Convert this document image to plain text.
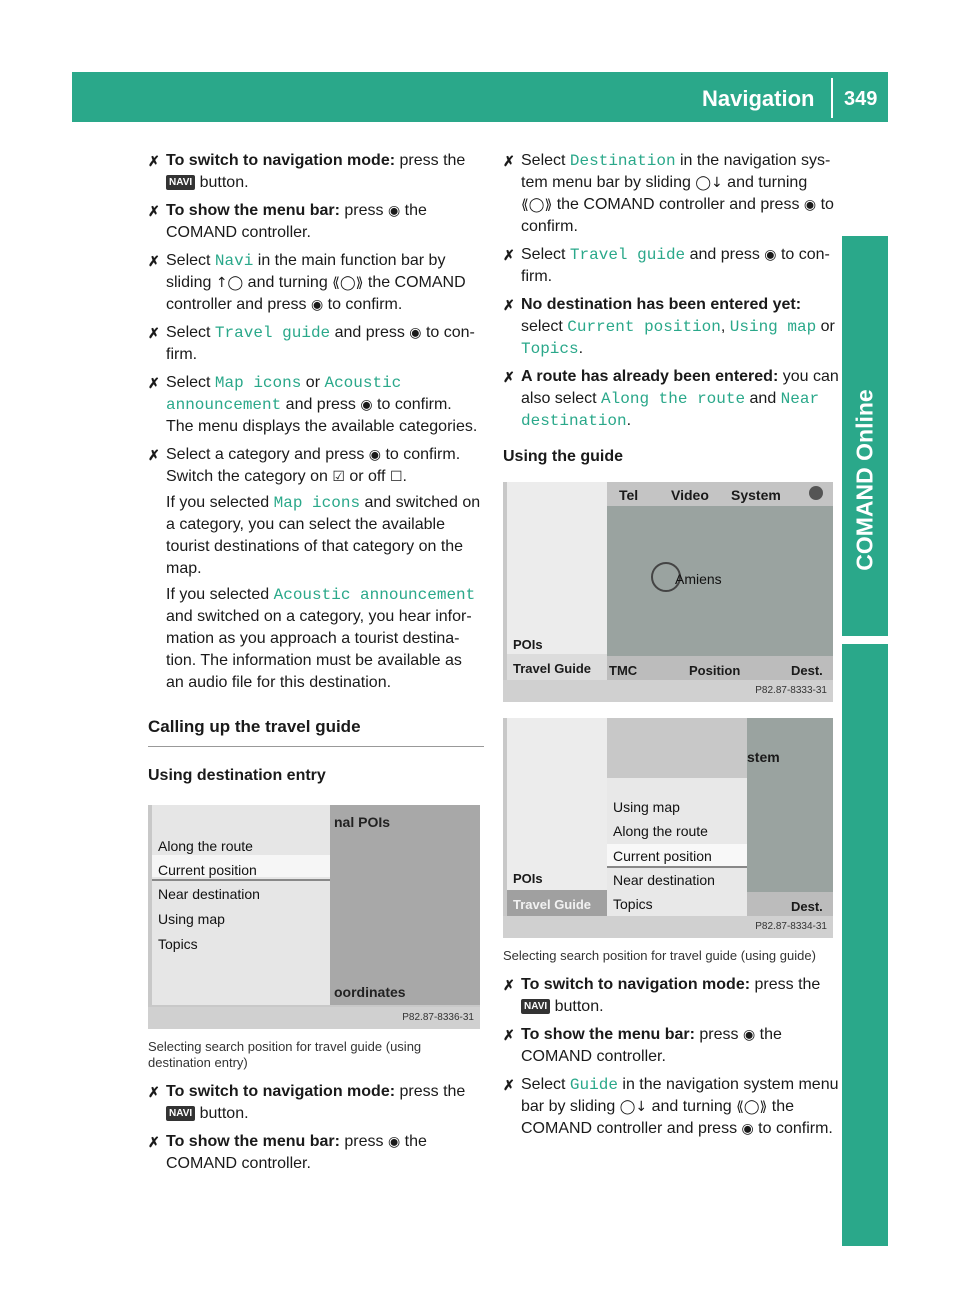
Navigation 349
COMAND Online
✗ To switch to navigation mode: press the
NAVI button.
✗ To show the menu bar: press ◉ the COMAND controller.
✗ Select Navi in the main function bar by sliding ↑◯ and turning ⟪◯⟫ the COMAND controller and press ◉ to confirm.
✗ Select Travel guide and press ◉ to con-firm.
✗ Select Map icons or Acoustic announcement and press ◉ to confirm.
The menu displays the available categories.
✗ Select a category and press ◉ to confirm.
Switch the category on ☑ or off ☐.
If you selected Map icons and switched on a category, you can select the available tourist destinations of that category on the map.
If you selected Acoustic announcement and switched on a category, you hear infor-mation as you approach a tourist destina-tion. The information must be available as an audio file for this destination.
Calling up the travel guide
Using destination entry
nal POIs
oordinates
Along the route
Current position
Near destination
Using map
Topics
P82.87-8336-31
Selecting search position for travel guide (using destination entry)
✗ To switch to navigation mode: press the
NAVI button.
✗ To show the menu bar: press ◉ the COMAND controller.
✗ Select Destination in the navigation sys-tem menu bar by sliding ◯↓ and turning ⟪◯⟫ the COMAND controller and press ◉ to confirm.
✗ Select Travel guide and press ◉ to con-firm.
✗ No destination has been entered yet:
select Current position, Using map or Topics.
✗ A route has already been entered: you can also select Along the route and Near destination.
Using the guide
Tel Video System
Amiens
POIs
Travel Guide TMC	Position	Dest.
P82.87-8333-31
stem
POIs
Travel Guide
Using map
Along the route
Current position
Near destination
Topics	Dest.
P82.87-8334-31
Selecting search position for travel guide (using guide)
✗ To switch to navigation mode: press the
NAVI button.
✗ To show the menu bar: press ◉ the COMAND controller.
✗ Select Guide in the navigation system menu bar by sliding ◯↓ and turning ⟪◯⟫ the COMAND controller and press ◉ to confirm.
